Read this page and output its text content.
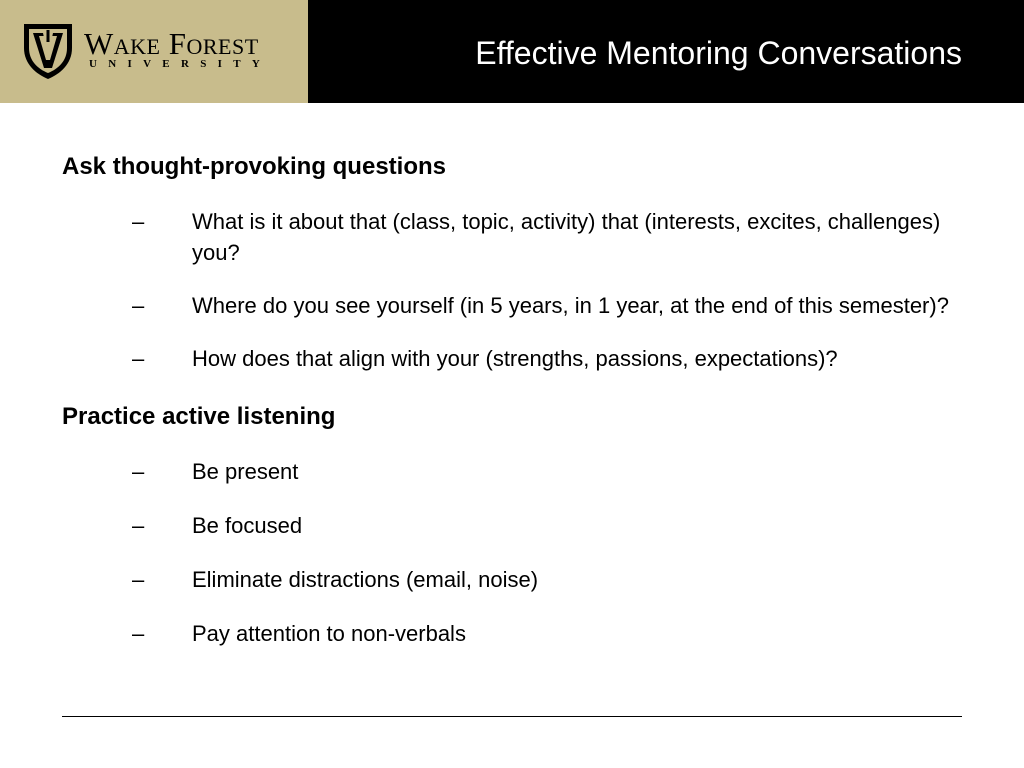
Wake Forest
UNIVERSITY	Effective Mentoring Conversations
Ask thought-provoking questions
– What is it about that (class, topic, activity) that (interests, excites, challenges) you?
– Where do you see yourself (in 5 years, in 1 year, at the end of this semester)?
– How does that align with your (strengths, passions, expectations)?
Practice active listening
– Be present
– Be focused
– Eliminate distractions (email, noise)
– Pay attention to non-verbals
